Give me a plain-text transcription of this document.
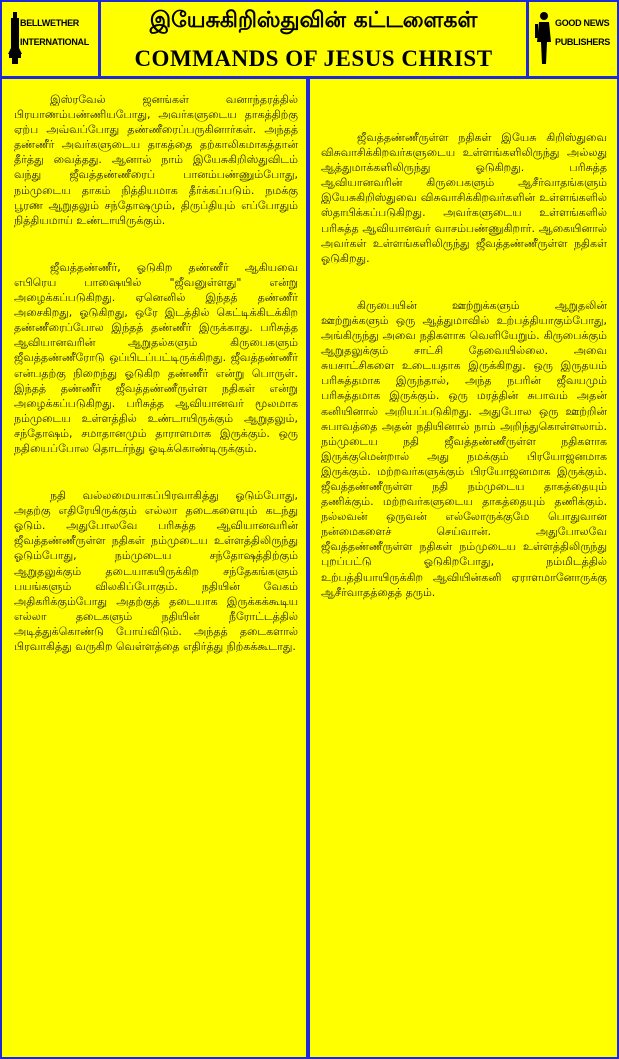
BELLWETHER
INTERNATIONAL
இயேசுகிறிஸ்துவின் கட்டளைகள்
COMMANDS OF JESUS CHRIST
GOOD NEWS
PUBLISHERS

இஸ்ரவேல் ஜனங்கள் வனாந்தரத்தில் பிரயாணம்பண்ணியபோது, அவர்களுடைய தாகத்திற்கு ஏற்ப அவ்வப்போது தண்ணீரைப்பருகினார்கள். அந்தத் தண்ணீர் அவர்களுடைய தாகத்தை தற்காலிகமாகத்தான் தீர்த்து வைத்தது. ஆனால் நாம் இயேசுகிறிஸ்துவிடம் வந்து ஜீவத்தண்ணீரைப் பானம்பண்ணும்போது, நம்முடைய தாகம் நித்தியமாக தீர்க்கப்படும். நமக்கு பூரண ஆறுதலும் சந்தோஷமும், திருப்தியும் எப்போதும் நித்தியமாய் உண்டாயிருக்கும்.

ஜீவத்தண்ணீர், ஓடுகிற தண்ணீர் ஆகியவை எபிரெய பாஷையில் "ஜீவனுள்ளது" என்று அழைக்கப்படுகிறது. ஏனெனில் இந்தத் தண்ணீர் அசைகிறது, ஓடுகிறது, ஒரே இடத்தில் கெட்டிக்கிடக்கிற தண்ணீரைப்போல இந்தத் தண்ணீர் இருக்காது. பரிசுத்த ஆவியானவரின் ஆறுதல்களும் கிருபைகளும் ஜீவத்தண்ணீரோடு ஒப்பிடப்பட்டிருக்கிறது. ஜீவத்தண்ணீர் என்பதற்கு நிறைந்து ஓடுகிற தண்ணீர் என்று பொருள். இந்தத் தண்ணீர் ஜீவத்தண்ணீருள்ள நதிகள் என்று அழைக்கப்படுகிறது. பரிசுத்த ஆவியானவர் மூலமாக நம்முடைய உள்ளத்தில் உண்டாயிருக்கும் ஆறுதலும், சந்தோஷம், சமாதானமும் தாராளமாக இருக்கும். ஒரு நதியைப்போல தொடர்ந்து ஓடிக்கொண்டிருக்கும்.

நதி வல்லமையாகப்பிரவாகித்து ஓடும்போது, அதற்கு எதிரேயிருக்கும் எல்லா தடைகளையும் கடந்து ஓடும். அதுபோலவே பரிசுத்த ஆவியானவரின் ஜீவத்தண்ணீருள்ள நதிகள் நம்முடைய உள்ளத்திலிருந்து ஓடும்போது, நம்முடைய சந்தோஷத்திற்கும் ஆறுதலுக்கும் தடையாகயிருக்கிற சந்தேகங்களும் பயங்களும் விலகிப்போகும். நதியின் வேகம் அதிகரிக்கும்போது அதற்குத் தடையாக இருக்கக்கூடிய எல்லா தடைகளும் நதியின் நீரோட்டத்தில் அடித்துக்கொண்டு போய்விடும். அந்தத் தடைகளால் பிரவாகித்து வருகிற வெள்ளத்தை எதிர்த்து நிற்கக்கூடாது.

ஜீவத்தண்ணீருள்ள நதிகள் இயேசு கிறிஸ்துவை விசுவாசிக்கிறவர்களுடைய உள்ளங்களிலிருந்து அல்லது ஆத்துமாக்களிலிருந்து ஓடுகிறது. பரிசுத்த ஆவியானவரின் கிருபைகளும் ஆசீர்வாதங்களும் இயேசுகிறிஸ்துவை விசுவாசிக்கிறவர்களின் உள்ளங்களில் ஸ்தாபிக்கப்படுகிறது. அவர்களுடைய உள்ளங்களில் பரிசுத்த ஆவியானவர் வாசம்பண்ணுகிறார். ஆகையினால் அவர்கள் உள்ளங்களிலிருந்து ஜீவத்தண்ணீருள்ள நதிகள் ஓடுகிறது.

கிருபையின் ஊற்றுக்களும் ஆறுதலின் ஊற்றுக்களும் ஒரு ஆத்துமாவில் உற்பத்தியாகும்போது, அங்கிருந்து அவை நதிகளாக வெளியேறும். கிருபைக்கும் ஆறுதலுக்கும் சாட்சி தேவையில்லை. அவை சுயசாட்சிகளை உடையதாக இருக்கிறது. ஒரு இருதயம் பரிசுத்தமாக இருந்தால், அந்த நபரின் ஜீவயமும் பரிசுத்தமாக இருக்கும். ஒரு மரத்தின் சுபாவம் அதன் கனியினால் அறியப்படுகிறது. அதுபோல ஒரு ஊற்றின் சுபாவத்தை அதன் நதியினால் நாம் அறிந்துகொள்ளலாம். நம்முடைய நதி ஜீவத்தண்ணீருள்ள நதிகளாக இருக்குமென்றால் அது நமக்கும் பிரயோஜனமாக இருக்கும். மற்றவர்களுக்கும் பிரயோஜனமாக இருக்கும். ஜீவத்தண்ணீருள்ள நதி நம்முடைய தாகத்தையும் தணிக்கும். மற்றவர்களுடைய தாகத்தையும் தணிக்கும். நல்லவன் ஒருவன் எல்லோருக்குமே பொதுவான நன்மைகளைச் செய்வான். அதுபோலவே ஜீவத்தண்ணீருள்ள நதிகள் நம்முடைய உள்ளத்திலிருந்து புறப்பட்டு ஓடுகிறபோது, நம்மிடத்தில் உற்பத்தியாயிருக்கிற ஆவியின்கனி ஏராளமானோருக்கு ஆசீர்வாதத்தைத் தரும்.
